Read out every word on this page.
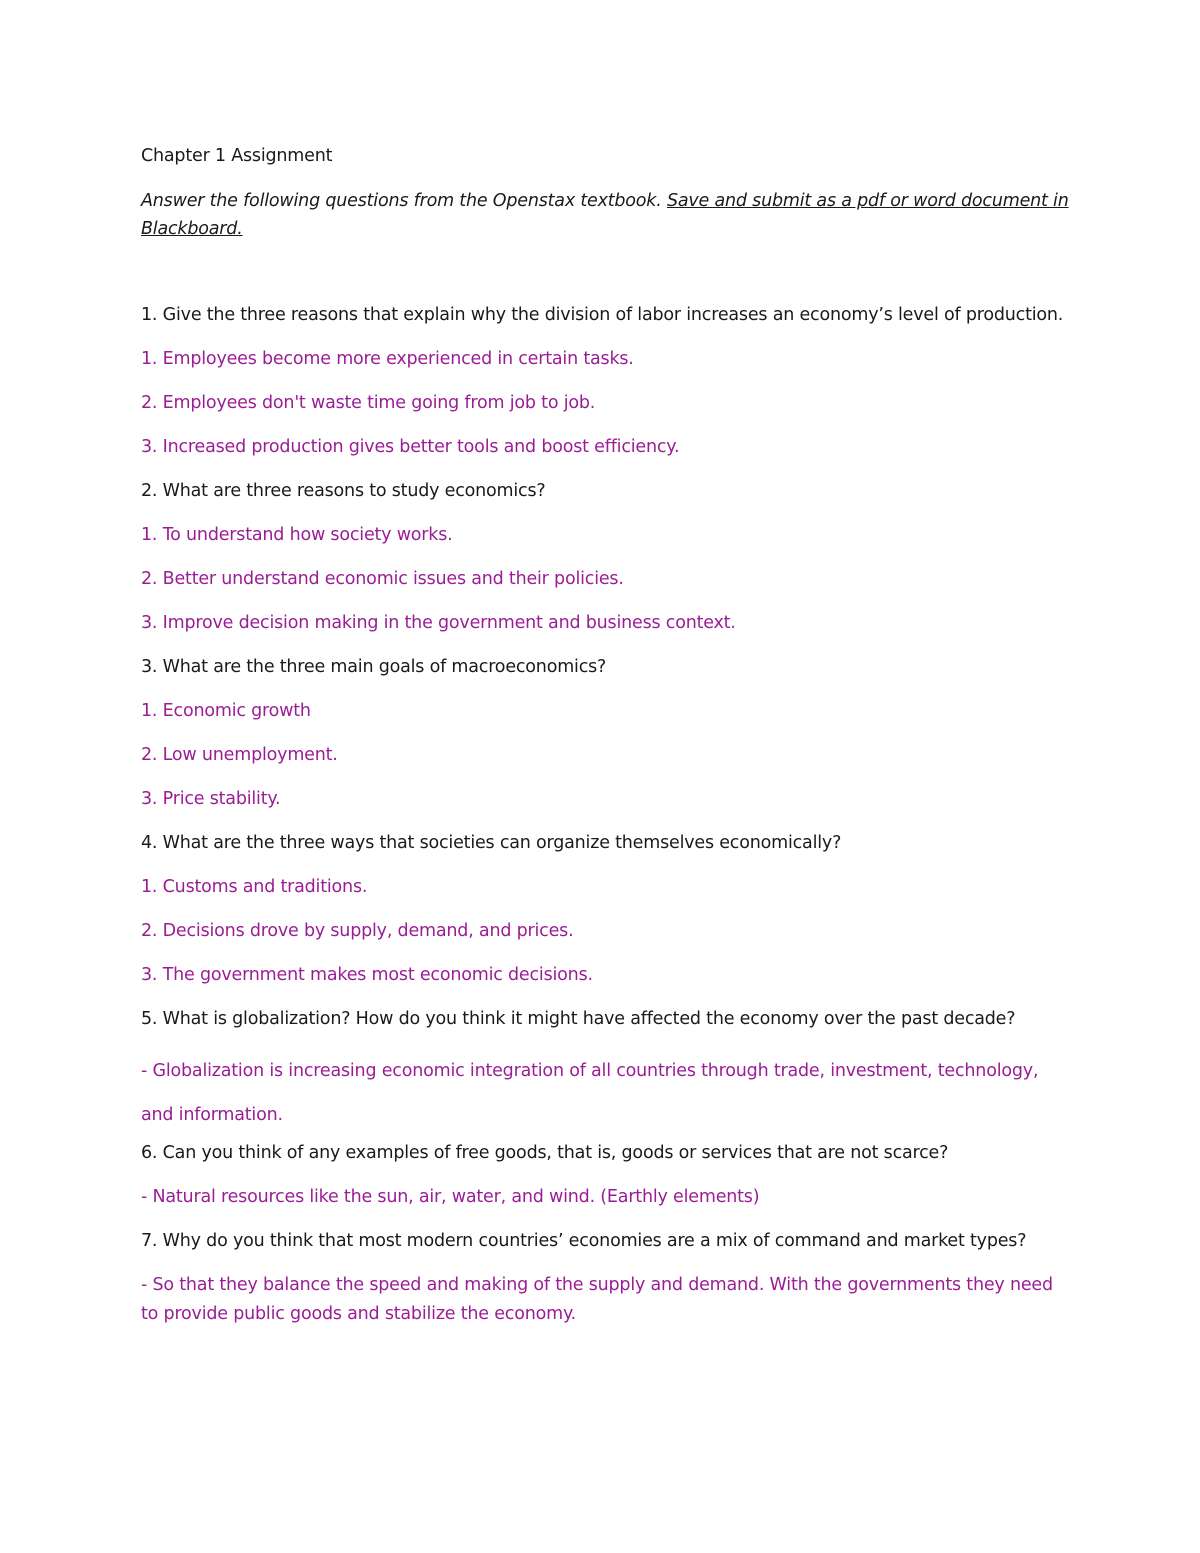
Chapter 1 Assignment

Answer the following questions from the Openstax textbook. Save and submit as a pdf or word document in Blackboard.

1. Give the three reasons that explain why the division of labor increases an economy’s level of production.

1. Employees become more experienced in certain tasks.

2. Employees don't waste time going from job to job.

3. Increased production gives better tools and boost efficiency.

2. What are three reasons to study economics?

1. To understand how society works.

2. Better understand economic issues and their policies.

3. Improve decision making in the government and business context.

3. What are the three main goals of macroeconomics?

1. Economic growth

2. Low unemployment.

3. Price stability.

4. What are the three ways that societies can organize themselves economically?

1. Customs and traditions.

2. Decisions drove by supply, demand, and prices.

3. The government makes most economic decisions.

5. What is globalization? How do you think it might have affected the economy over the past decade?

- Globalization is increasing economic integration of all countries through trade, investment, technology, and information.

6. Can you think of any examples of free goods, that is, goods or services that are not scarce?

- Natural resources like the sun, air, water, and wind. (Earthly elements)

7. Why do you think that most modern countries’ economies are a mix of command and market types?

- So that they balance the speed and making of the supply and demand. With the governments they need to provide public goods and stabilize the economy.
